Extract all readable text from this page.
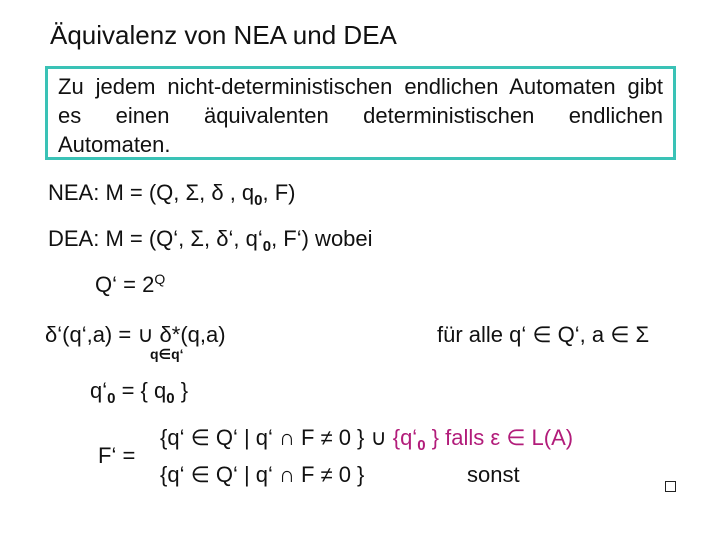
Äquivalenz von NEA und DEA
Zu jedem nicht-deterministischen endlichen Automaten gibt es einen äquivalenten deterministischen endlichen Automaten.
NEA: M = (Q, Σ, δ , $q_0$, F)
DEA: M = (Q‘, Σ, δ‘, $q‘_0$, F‘) wobei
Q‘ = $2^Q$
δ‘(q‘,a) = ∪ δ*(q,a)
q∈q‘
für alle q‘ ∈ Q‘, a ∈ Σ
$q‘_0$ = { $q_0$ }
F‘ =
{q‘ ∈ Q‘ | q‘ ∩ F ≠ 0 } ∪ {$q‘_0$ } falls ε ∈ L(A)
{q‘ ∈ Q‘ | q‘ ∩ F ≠ 0 }	sonst
